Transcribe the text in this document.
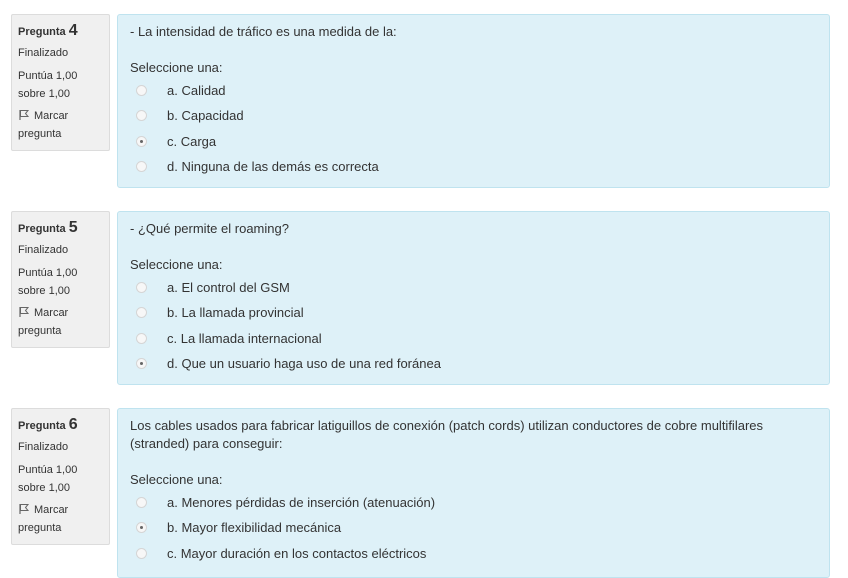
Pregunta 4
Finalizado
Puntúa 1,00 sobre 1,00
Marcar pregunta
- La intensidad de tráfico es una medida de la:
Seleccione una:
a. Calidad
b. Capacidad
c. Carga
d. Ninguna de las demás es correcta
Pregunta 5
Finalizado
Puntúa 1,00 sobre 1,00
Marcar pregunta
- ¿Qué permite el roaming?
Seleccione una:
a. El control del GSM
b. La llamada provincial
c. La llamada internacional
d. Que un usuario haga uso de una red foránea
Pregunta 6
Finalizado
Puntúa 1,00 sobre 1,00
Marcar pregunta
Los cables usados para fabricar latiguillos de conexión (patch cords) utilizan conductores de cobre multifilares (stranded) para conseguir:
Seleccione una:
a. Menores pérdidas de inserción (atenuación)
b. Mayor flexibilidad mecánica
c. Mayor duración en los contactos eléctricos
